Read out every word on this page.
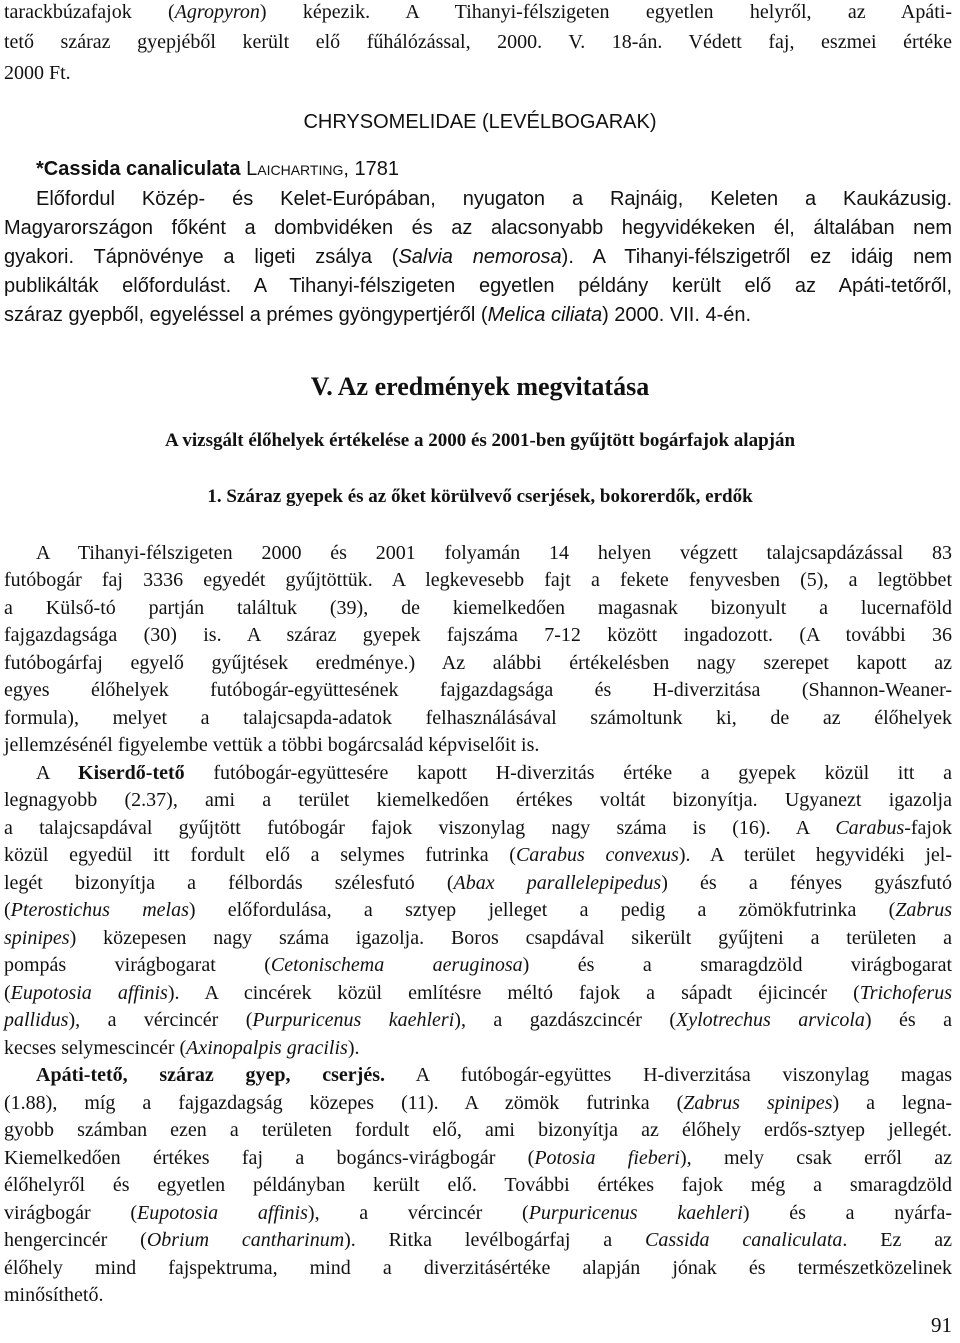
tarackbúzafajok (Agropyron) képezik. A Tihanyi-félszigeten egyetlen helyről, az Apáti-
tető száraz gyepjéből került elő fűhálózással, 2000. V. 18-án. Védett faj, eszmei értéke
2000 Ft.
CHRYSOMELIDAE (LEVÉLBOGARAK)
*Cassida canaliculata Laicharting, 1781
Előfordul Közép- és Kelet-Európában, nyugaton a Rajnáig, Keleten a Kaukázusig.
Magyarországon főként a dombvidéken és az alacsonyabb hegyvidékeken él, általában nem
gyakori. Tápnövénye a ligeti zsálya (Salvia nemorosa). A Tihanyi-félszigetről ez idáig nem
publikálták előfordulást. A Tihanyi-félszigeten egyetlen példány került elő az Apáti-tetőről,
száraz gyepből, egyeléssel a prémes gyöngypertjéről (Melica ciliata) 2000. VII. 4-én.
V. Az eredmények megvitatása
A vizsgált élőhelyek értékelése a 2000 és 2001-ben gyűjtött bogárfajok alapján
1. Száraz gyepek és az őket körülvevő cserjések, bokorerdők, erdők
A Tihanyi-félszigeten 2000 és 2001 folyamán 14 helyen végzett talajcsapdázással 83
futóbogár faj 3336 egyedét gyűjtöttük. A legkevesebb fajt a fekete fenyvesben (5), a legtöbbet
a Külső-tó partján találtuk (39), de kiemelkedően magasnak bizonyult a lucernaföld
fajgazdagsága (30) is. A száraz gyepek fajszáma 7-12 között ingadozott. (A további 36
futóbogárfaj egyelő gyűjtések eredménye.) Az alábbi értékelésben nagy szerepet kapott az
egyes élőhelyek futóbogár-együttesének fajgazdagsága és H-diverzitása (Shannon-Weaner-
formula), melyet a talajcsapda-adatok felhasználásával számoltunk ki, de az élőhelyek
jellemzésénél figyelembe vettük a többi bogárcsalád képviselőit is.
A Kiserdő-tető futóbogár-együttesére kapott H-diverzitás értéke a gyepek közül itt a
legnagyobb (2.37), ami a terület kiemelkedően értékes voltát bizonyítja. Ugyanezt igazolja
a talajcsapdával gyűjtött futóbogár fajok viszonylag nagy száma is (16). A Carabus-fajok
közül egyedül itt fordult elő a selymes futrinka (Carabus convexus). A terület hegyvidéki jel-
legét bizonyítja a félbordás szélesfutó (Abax parallelepipedus) és a fényes gyászfutó
(Pterostichus melas) előfordulása, a sztyep jelleget a pedig a zömökfutrinka (Zabrus
spinipes) közepesen nagy száma igazolja. Boros csapdával sikerült gyűjteni a területen a
pompás virágbogarat (Cetonischema aeruginosa) és a smaragdzöld virágbogarat
(Eupotosia affinis). A cincérek közül említésre méltó fajok a sápadt éjicincér (Trichoferus
pallidus), a vércincér (Purpuricenus kaehleri), a gazdászcincér (Xylotrechus arvicola) és a
kecses selymescincér (Axinopalpis gracilis).
Apáti-tető, száraz gyep, cserjés. A futóbogár-együttes H-diverzitása viszonylag magas
(1.88), míg a fajgazdagság közepes (11). A zömök futrinka (Zabrus spinipes) a legna-
gyobb számban ezen a területen fordult elő, ami bizonyítja az élőhely erdős-sztyep jellegét.
Kiemelkedően értékes faj a bogáncs-virágbogár (Potosia fieberi), mely csak erről az
élőhelyről és egyetlen példányban került elő. További értékes fajok még a smaragdzöld
virágbogár (Eupotosia affinis), a vércincér (Purpuricenus kaehleri) és a nyárfa-
hengercincér (Obrium cantharinum). Ritka levélbogárfaj a Cassida canaliculata. Ez az
élőhely mind fajspektruma, mind a diverzitásértéke alapján jónak és természetközelinek
minősíthető.
91
